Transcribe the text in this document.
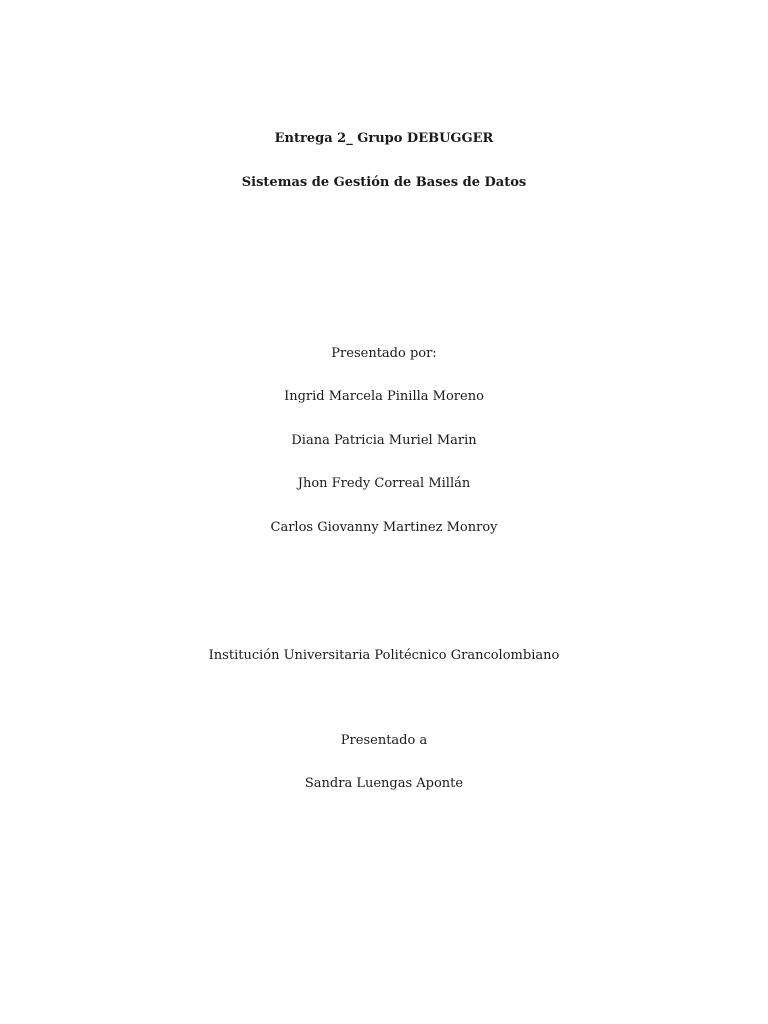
Entrega 2_ Grupo DEBUGGER
Sistemas de Gestión de Bases de Datos
Presentado por:
Ingrid Marcela Pinilla Moreno
Diana Patricia Muriel Marin
Jhon Fredy Correal Millán
Carlos Giovanny Martinez Monroy
Institución Universitaria Politécnico Grancolombiano
Presentado a
Sandra Luengas Aponte
